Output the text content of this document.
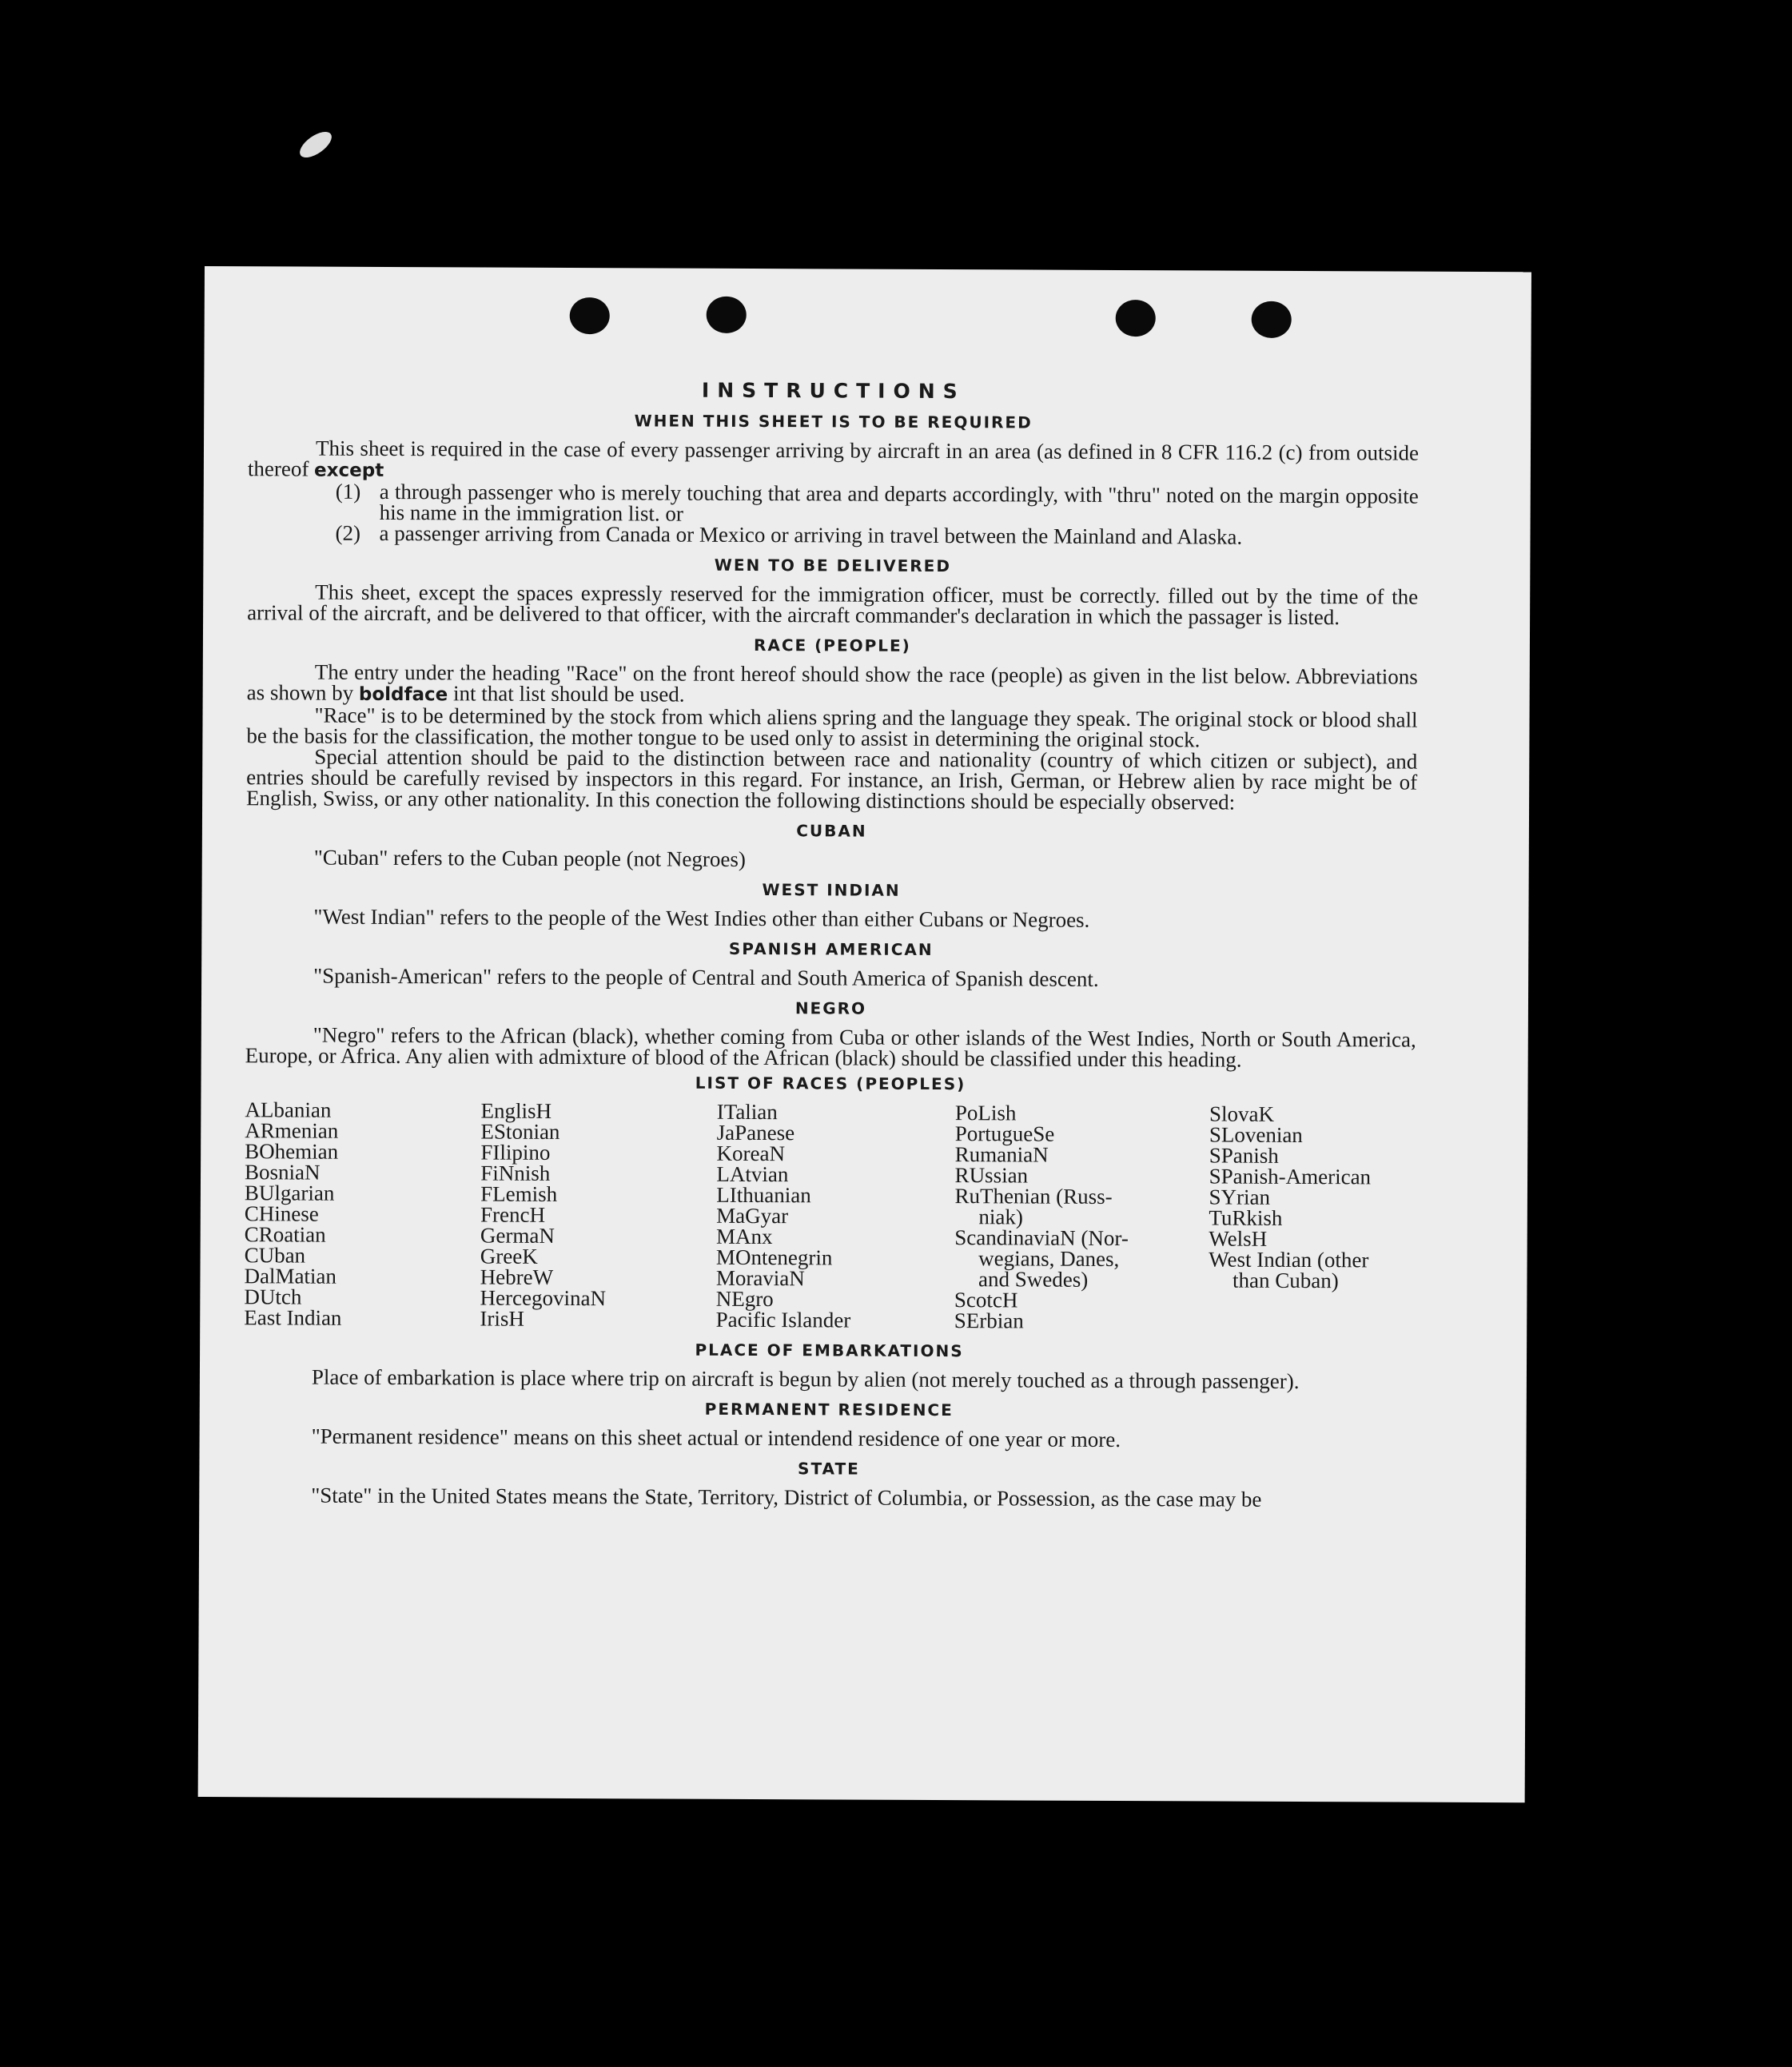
INSTRUCTIONS
WHEN THIS SHEET IS TO BE REQUIRED

This sheet is required in the case of every passenger arriving by aircraft in an area (as defined in 8 CFR 116.2 (c) from outside thereof except

(1) a through passenger who is merely touching that area and departs accordingly, with "thru" noted on the margin opposite his name in the immigration list. or
(2) a passenger arriving from Canada or Mexico or arriving in travel between the Mainland and Alaska.
WEN TO BE DELIVERED

This sheet, except the spaces expressly reserved for the immigration officer, must be correctly. filled out by the time of the arrival of the aircraft, and be delivered to that officer, with the aircraft commander's declaration in which the passager is listed.

RACE (PEOPLE)

The entry under the heading "Race" on the front hereof should show the race (people) as given in the list below. Abbreviations as shown by boldface int that list should be used.

"Race" is to be determined by the stock from which aliens spring and the language they speak. The original stock or blood shall be the basis for the classification, the mother tongue to be used only to assist in determining the original stock.

Special attention should be paid to the distinction between race and nationality (country of which citizen or subject), and entries should be carefully revised by inspectors in this regard. For instance, an Irish, German, or Hebrew alien by race might be of English, Swiss, or any other nationality. In this conection the following distinctions should be especially observed:

CUBAN

"Cuban" refers to the Cuban people (not Negroes)

WEST INDIAN

"West Indian" refers to the people of the West Indies other than either Cubans or Negroes.

SPANISH AMERICAN

"Spanish-American" refers to the people of Central and South America of Spanish descent.

NEGRO

"Negro" refers to the African (black), whether coming from Cuba or other islands of the West Indies, North or South America, Europe, or Africa. Any alien with admixture of blood of the African (black) should be classified under this heading.

LIST OF RACES (PEOPLES)
ALbanian
ARmenian
BOhemian
BosniaN
BUlgarian
CHinese
CRoatian
CUban
DalMatian
DUtch
East Indian
EnglisH
EStonian
FIlipino
FiNnish
FLemish
FrencH
GermaN
GreeK
HebreW
HercegovinaN
IrisH
ITalian
JaPanese
KoreaN
LAtvian
LIthuanian
MaGyar
MAnx
MOntenegrin
MoraviaN
NEgro
Pacific Islander
PoLish
PortugueSe
RumaniaN
RUssian
RuThenian (Russ-
niak)
ScandinaviaN (Nor-
wegians, Danes,
and Swedes)
ScotcH
SErbian
SlovaK
SLovenian
SPanish
SPanish-American
SYrian
TuRkish
WelsH
West Indian (other
than Cuban)
PLACE OF EMBARKATIONS

Place of embarkation is place where trip on aircraft is begun by alien (not merely touched as a through passenger).

PERMANENT RESIDENCE

"Permanent residence" means on this sheet actual or intendend residence of one year or more.

STATE

"State" in the United States means the State, Territory, District of Columbia, or Possession, as the case may be
